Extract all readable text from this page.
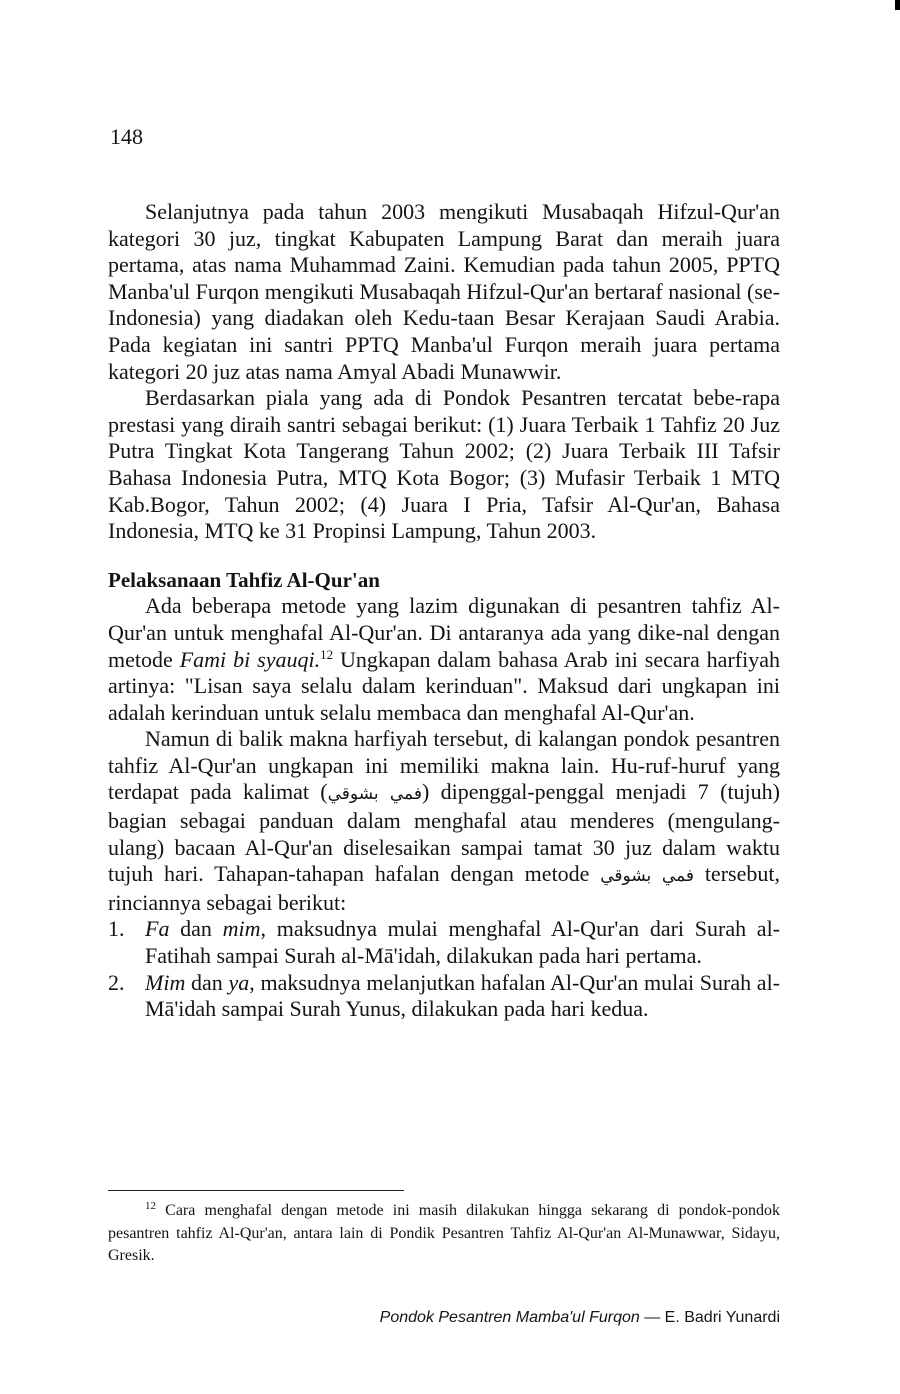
148

Selanjutnya pada tahun 2003 mengikuti Musabaqah Hifzul-Qur'an kategori 30 juz, tingkat Kabupaten Lampung Barat dan meraih juara pertama, atas nama Muhammad Zaini. Kemudian pada tahun 2005, PPTQ Manba'ul Furqon mengikuti Musabaqah Hifzul-Qur'an bertaraf nasional (se-Indonesia) yang diadakan oleh Kedu-taan Besar Kerajaan Saudi Arabia. Pada kegiatan ini santri PPTQ Manba'ul Furqon meraih juara pertama kategori 20 juz atas nama Amyal Abadi Munawwir.

Berdasarkan piala yang ada di Pondok Pesantren tercatat bebe-rapa prestasi yang diraih santri sebagai berikut: (1) Juara Terbaik 1 Tahfiz 20 Juz Putra Tingkat Kota Tangerang Tahun 2002; (2) Juara Terbaik III Tafsir Bahasa Indonesia Putra, MTQ Kota Bogor; (3) Mufasir Terbaik 1 MTQ Kab.Bogor, Tahun 2002; (4) Juara I Pria, Tafsir Al-Qur'an, Bahasa Indonesia, MTQ ke 31 Propinsi Lampung, Tahun 2003.

Pelaksanaan Tahfiz Al-Qur'an

Ada beberapa metode yang lazim digunakan di pesantren tahfiz Al-Qur'an untuk menghafal Al-Qur'an. Di antaranya ada yang dike-nal dengan metode Fami bi syauqi.$^{12}$ Ungkapan dalam bahasa Arab ini secara harfiyah artinya: "Lisan saya selalu dalam kerinduan". Maksud dari ungkapan ini adalah kerinduan untuk selalu membaca dan menghafal Al-Qur'an.

Namun di balik makna harfiyah tersebut, di kalangan pondok pesantren tahfiz Al-Qur'an ungkapan ini memiliki makna lain. Hu-ruf-huruf yang terdapat pada kalimat (فمي بشوقي) dipenggal-penggal menjadi 7 (tujuh) bagian sebagai panduan dalam menghafal atau menderes (mengulang-ulang) bacaan Al-Qur'an diselesaikan sampai tamat 30 juz dalam waktu tujuh hari. Tahapan-tahapan hafalan dengan metode فمي بشوقي tersebut, rinciannya sebagai berikut:

1. Fa dan mim, maksudnya mulai menghafal Al-Qur'an dari Surah al-Fatihah sampai Surah al-Mā'idah, dilakukan pada hari pertama.
2. Mim dan ya, maksudnya melanjutkan hafalan Al-Qur'an mulai Surah al-Mā'idah sampai Surah Yunus, dilakukan pada hari kedua.
$^{12}$ Cara menghafal dengan metode ini masih dilakukan hingga sekarang di pondok-pondok pesantren tahfiz Al-Qur'an, antara lain di Pondik Pesantren Tahfiz Al-Qur'an Al-Munawwar, Sidayu, Gresik.
Pondok Pesantren Mamba'ul Furqon — E. Badri Yunardi
